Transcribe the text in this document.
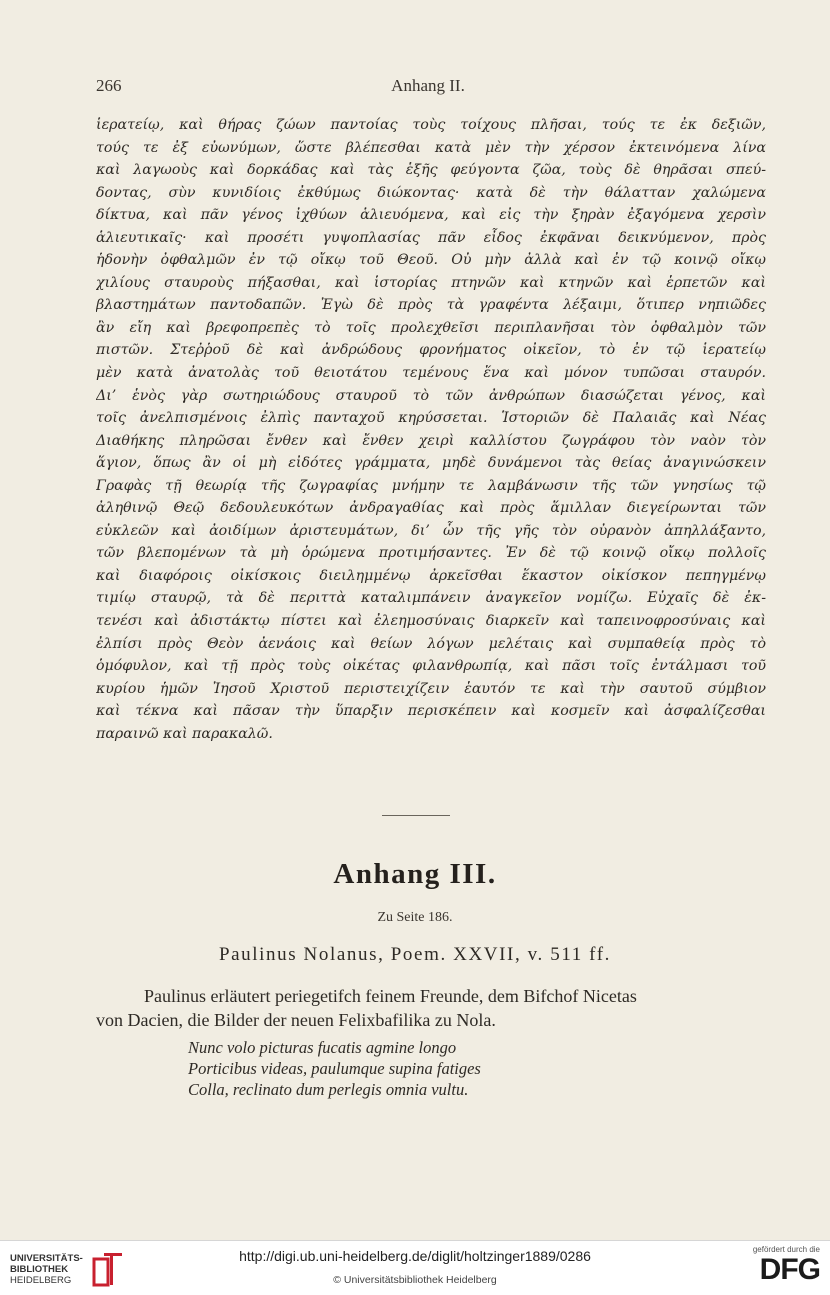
266	Anhang II.
ἱερατείῳ, καὶ θήρας ζώων παντοίας τοὺς τοίχους πλῆσαι, τούς τε ἐκ δεξιῶν,
τούς τε ἐξ εὐωνύμων, ὥστε βλέπεσθαι κατὰ μὲν τὴν χέρσον ἐκτεινόμενα λίνα
καὶ λαγωοὺς καὶ δορκάδας καὶ τὰς ἑξῆς φεύγοντα ζῶα, τοὺς δὲ θηρᾶσαι σπεύ-
δοντας, σὺν κυνιδίοις ἐκθύμως διώκοντας· κατὰ δὲ τὴν θάλατταν χαλώμενα
δίκτυα, καὶ πᾶν γένος ἰχθύων ἁλιευόμενα, καὶ εἰς τὴν ξηρὰν ἐξαγόμενα χερσὶν
ἁλιευτικαῖς· καὶ προσέτι γυψοπλασίας πᾶν εἶδος ἐκφᾶναι δεικνύμενον, πρὸς
ἡδονὴν ὀφθαλμῶν ἐν τῷ οἴκῳ τοῦ Θεοῦ. Οὐ μὴν ἀλλὰ καὶ ἐν τῷ κοινῷ οἴκῳ
χιλίους σταυροὺς πήξασθαι, καὶ ἱστορίας πτηνῶν καὶ κτηνῶν καὶ ἑρπετῶν καὶ
βλαστημάτων παντοδαπῶν. Ἐγὼ δὲ πρὸς τὰ γραφέντα λέξαιμι, ὅτιπερ νηπιῶδες
ἂν εἴη καὶ βρεφοπρεπὲς τὸ τοῖς προλεχθεῖσι περιπλανῆσαι τὸν ὀφθαλμὸν τῶν
πιστῶν. Στεῤῥοῦ δὲ καὶ ἀνδρώδους φρονήματος οἰκεῖον, τὸ ἐν τῷ ἱερατείῳ
μὲν κατὰ ἀνατολὰς τοῦ θειοτάτου τεμένους ἕνα καὶ μόνον τυπῶσαι σταυρόν.
Δι’ ἑνὸς γὰρ σωτηριώδους σταυροῦ τὸ τῶν ἀνθρώπων διασώζεται γένος, καὶ
τοῖς ἀνελπισμένοις ἐλπὶς πανταχοῦ κηρύσσεται. Ἱστοριῶν δὲ Παλαιᾶς καὶ Νέας
Διαθήκης πληρῶσαι ἔνθεν καὶ ἔνθεν χειρὶ καλλίστου ζωγράφου τὸν ναὸν τὸν
ἅγιον, ὅπως ἂν οἱ μὴ εἰδότες γράμματα, μηδὲ δυνάμενοι τὰς θείας ἀναγινώσκειν
Γραφὰς τῇ θεωρίᾳ τῆς ζωγραφίας μνήμην τε λαμβάνωσιν τῆς τῶν γνησίως τῷ
ἀληθινῷ Θεῷ δεδουλευκότων ἀνδραγαθίας καὶ πρὸς ἅμιλλαν διεγείρωνται τῶν
εὐκλεῶν καὶ ἀοιδίμων ἀριστευμάτων, δι’ ὧν τῆς γῆς τὸν οὐρανὸν ἀπηλλάξαντο,
τῶν βλεπομένων τὰ μὴ ὁρώμενα προτιμήσαντες. Ἐν δὲ τῷ κοινῷ οἴκῳ πολλοῖς
καὶ διαφόροις οἰκίσκοις διειλημμένῳ ἀρκεῖσθαι ἕκαστον οἰκίσκον πεπηγμένῳ
τιμίῳ σταυρῷ, τὰ δὲ περιττὰ καταλιμπάνειν ἀναγκεῖον νομίζω. Εὐχαῖς δὲ ἐκ-
τενέσι καὶ ἀδιστάκτῳ πίστει καὶ ἐλεημοσύναις διαρκεῖν καὶ ταπεινοφροσύναις καὶ
ἐλπίσι πρὸς Θεὸν ἀενάοις καὶ θείων λόγων μελέταις καὶ συμπαθείᾳ πρὸς τὸ
ὁμόφυλον, καὶ τῇ πρὸς τοὺς οἰκέτας φιλανθρωπίᾳ, καὶ πᾶσι τοῖς ἐντάλμασι τοῦ
κυρίου ἡμῶν Ἰησοῦ Χριστοῦ περιστειχίζειν ἑαυτόν τε καὶ τὴν σαυτοῦ σύμβιον
καὶ τέκνα καὶ πᾶσαν τὴν ὕπαρξιν περισκέπειν καὶ κοσμεῖν καὶ ἀσφαλίζεσθαι
παραινῶ καὶ παρακαλῶ.
Anhang III.
Zu Seite 186.
Paulinus Nolanus, Poem. XXVII, v. 511 ff.
Paulinus erläutert periegetifch feinem Freunde, dem Bifchof Nicetas
von Dacien, die Bilder der neuen Felixbafilika zu Nola.
Nunc volo picturas fucatis agmine longo
Porticibus videas, paulumque supina fatiges
Colla, reclinato dum perlegis omnia vultu.
UNIVERSITÄTS-
BIBLIOTHEK
HEIDELBERG
http://digi.ub.uni-heidelberg.de/diglit/holtzinger1889/0286
© Universitätsbibliothek Heidelberg
gefördert durch die
DFG
